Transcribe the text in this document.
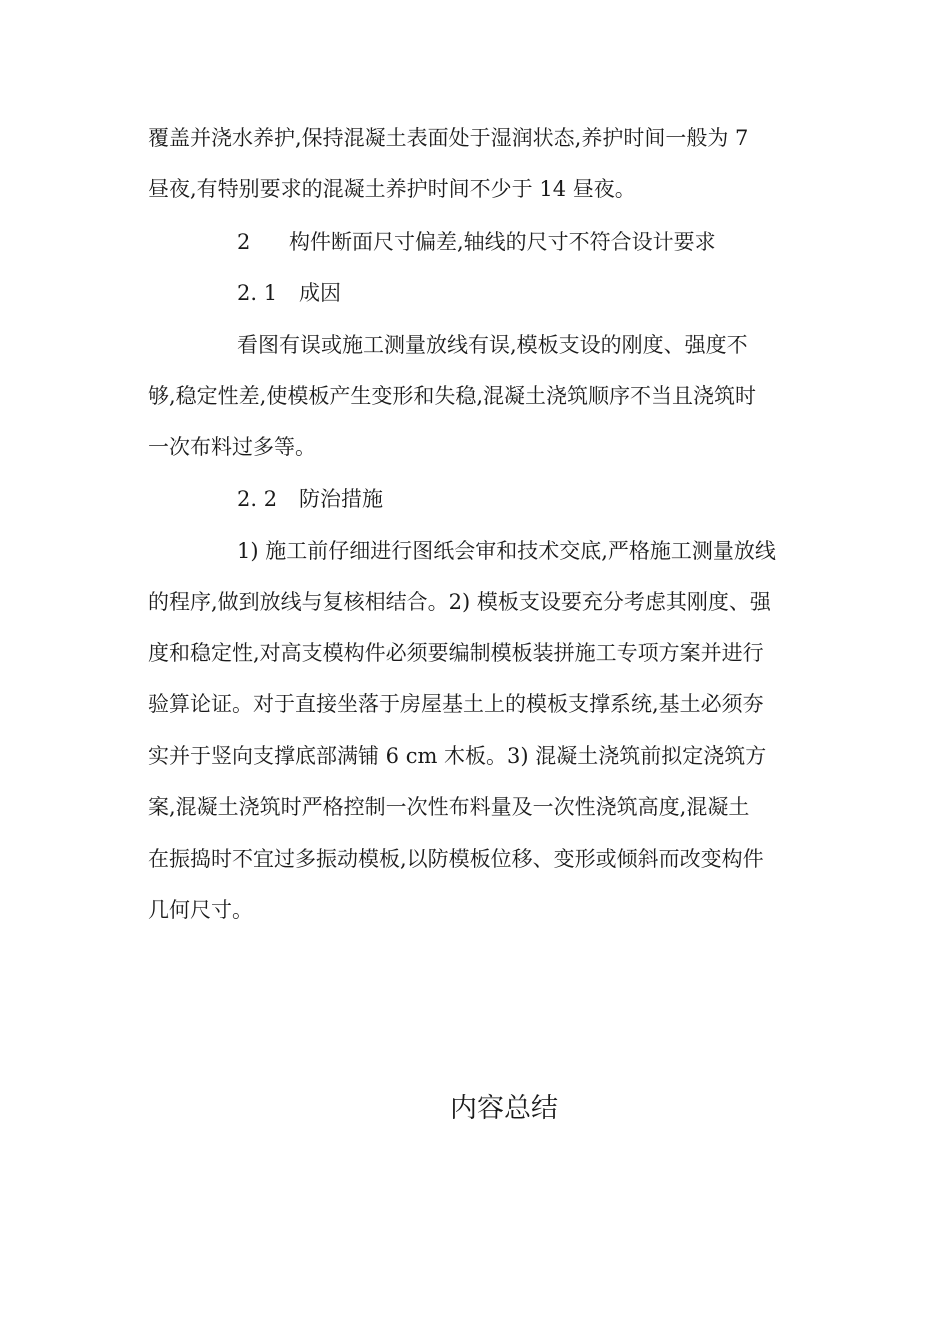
覆盖并浇水养护,保持混凝土表面处于湿润状态,养护时间一般为 7
昼夜,有特别要求的混凝土养护时间不少于 14 昼夜。
2 构件断面尺寸偏差,轴线的尺寸不符合设计要求
2. 1 成因
看图有误或施工测量放线有误,模板支设的刚度、强度不
够,稳定性差,使模板产生变形和失稳,混凝土浇筑顺序不当且浇筑时
一次布料过多等。
2. 2 防治措施
1) 施工前仔细进行图纸会审和技术交底,严格施工测量放线
的程序,做到放线与复核相结合。2) 模板支设要充分考虑其刚度、强
度和稳定性,对高支模构件必须要编制模板装拼施工专项方案并进行
验算论证。对于直接坐落于房屋基土上的模板支撑系统,基土必须夯
实并于竖向支撑底部满铺 6 cm 木板。3) 混凝土浇筑前拟定浇筑方
案,混凝土浇筑时严格控制一次性布料量及一次性浇筑高度,混凝土
在振捣时不宜过多振动模板,以防模板位移、变形或倾斜而改变构件
几何尺寸。
内容总结
